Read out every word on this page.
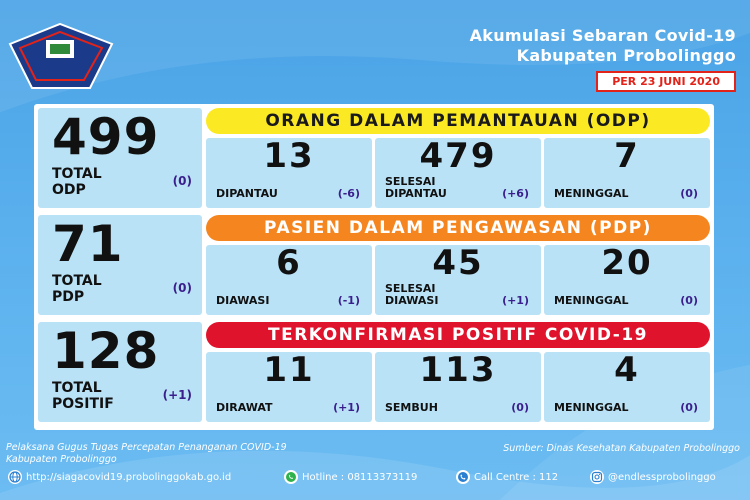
Akumulasi Sebaran Covid-19
Kabupaten Probolinggo
PER 23 JUNI 2020
499
TOTAL
ODP
(0)
ORANG DALAM PEMANTAUAN (ODP)
13
DIPANTAU	(-6)
479
SELESAI
DIPANTAU	(+6)
7
MENINGGAL	(0)
71
TOTAL
PDP
(0)
PASIEN DALAM PENGAWASAN (PDP)
6
DIAWASI	(-1)
45
SELESAI
DIAWASI	(+1)
20
MENINGGAL	(0)
128
TOTAL
POSITIF
(+1)
TERKONFIRMASI POSITIF COVID-19
11
DIRAWAT	(+1)
113
SEMBUH	(0)
4
MENINGGAL	(0)
Pelaksana Gugus Tugas Percepatan Penanganan COVID-19
Kabupaten Probolinggo
Sumber: Dinas Kesehatan Kabupaten Probolinggo
http://siagacovid19.probolinggokab.go.id	Hotline : 08113373119	Call Centre : 112	@endlessprobolinggo
